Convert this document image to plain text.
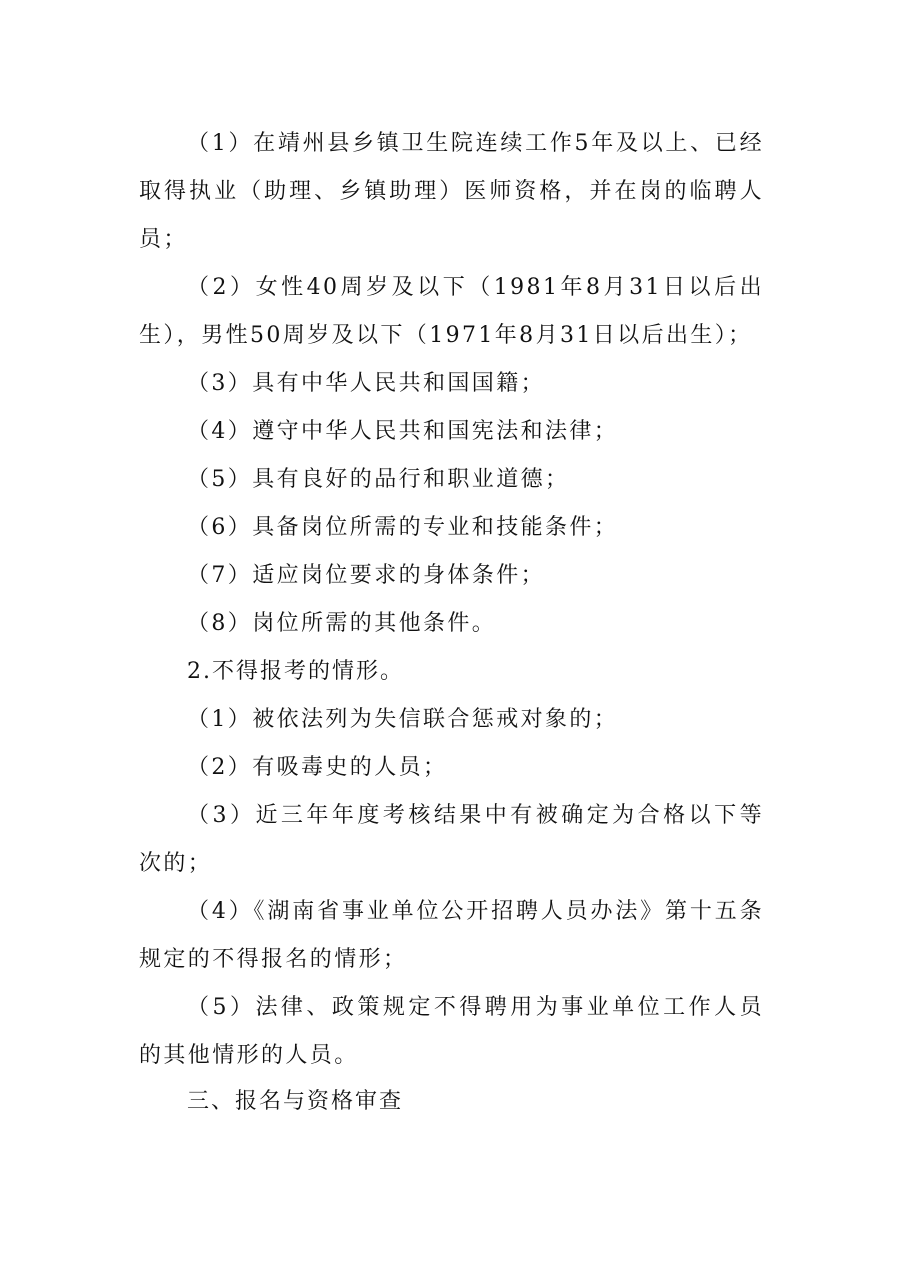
（1）在靖州县乡镇卫生院连续工作5年及以上、已经取得执业（助理、乡镇助理）医师资格，并在岗的临聘人员；

（2）女性40周岁及以下（1981年8月31日以后出生），男性50周岁及以下（1971年8月31日以后出生）；

（3）具有中华人民共和国国籍；

（4）遵守中华人民共和国宪法和法律；

（5）具有良好的品行和职业道德；

（6）具备岗位所需的专业和技能条件；

（7）适应岗位要求的身体条件；

（8）岗位所需的其他条件。

2.不得报考的情形。

（1）被依法列为失信联合惩戒对象的；

（2）有吸毒史的人员；

（3）近三年年度考核结果中有被确定为合格以下等次的；

（4）《湖南省事业单位公开招聘人员办法》第十五条规定的不得报名的情形；

（5）法律、政策规定不得聘用为事业单位工作人员的其他情形的人员。

三、报名与资格审查
